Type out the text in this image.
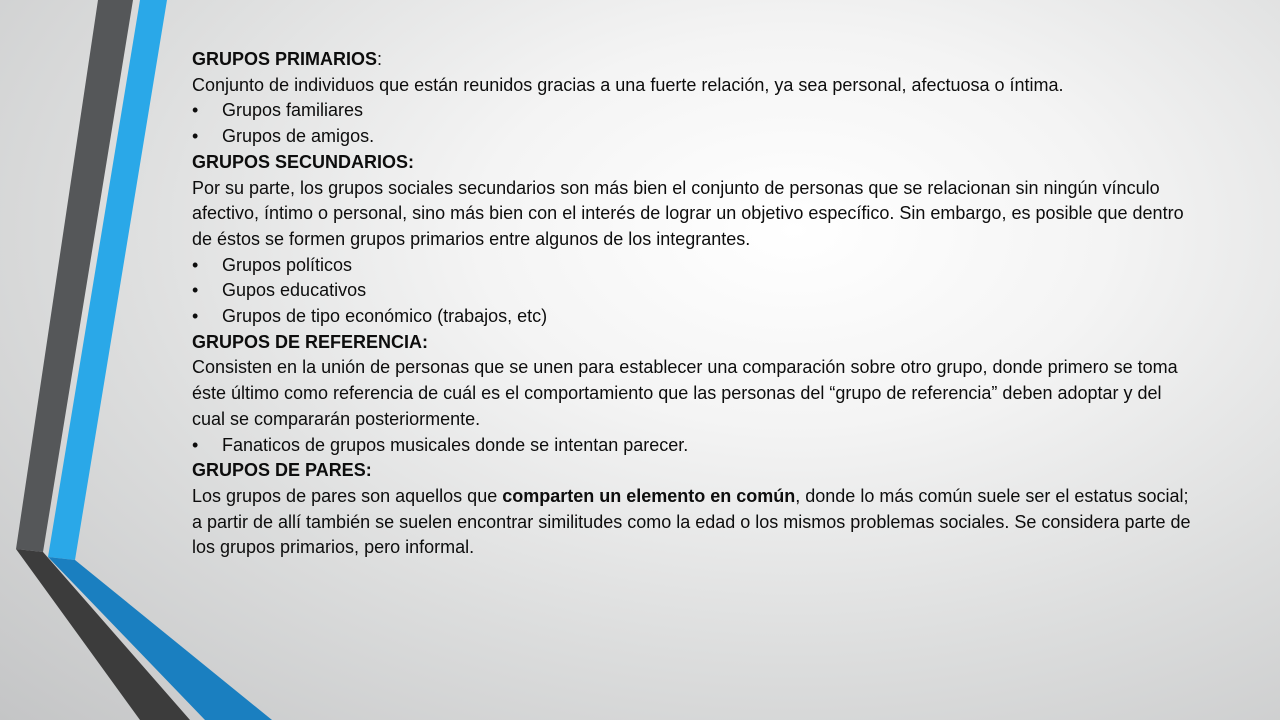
GRUPOS PRIMARIOS:

Conjunto de individuos que están reunidos gracias a una fuerte relación, ya sea personal, afectuosa o íntima.

• Grupos familiares
• Grupos de amigos.

GRUPOS SECUNDARIOS:

Por su parte, los grupos sociales secundarios son más bien el conjunto de personas que se relacionan sin ningún vínculo afectivo, íntimo o personal, sino más bien con el interés de lograr un objetivo específico. Sin embargo, es posible que dentro de éstos se formen grupos primarios entre algunos de los integrantes.

• Grupos políticos
• Gupos educativos
• Grupos de tipo económico (trabajos, etc)

GRUPOS DE REFERENCIA:

Consisten en la unión de personas que se unen para establecer una comparación sobre otro grupo, donde primero se toma éste último como referencia de cuál es el comportamiento que las personas del “grupo de referencia” deben adoptar y del cual se compararán posteriormente.

• Fanaticos de grupos musicales donde se intentan parecer.

GRUPOS DE PARES:

Los grupos de pares son aquellos que comparten un elemento en común, donde lo más común suele ser el estatus social; a partir de allí también se suelen encontrar similitudes como la edad o los mismos problemas sociales. Se considera parte de los grupos primarios, pero informal.
